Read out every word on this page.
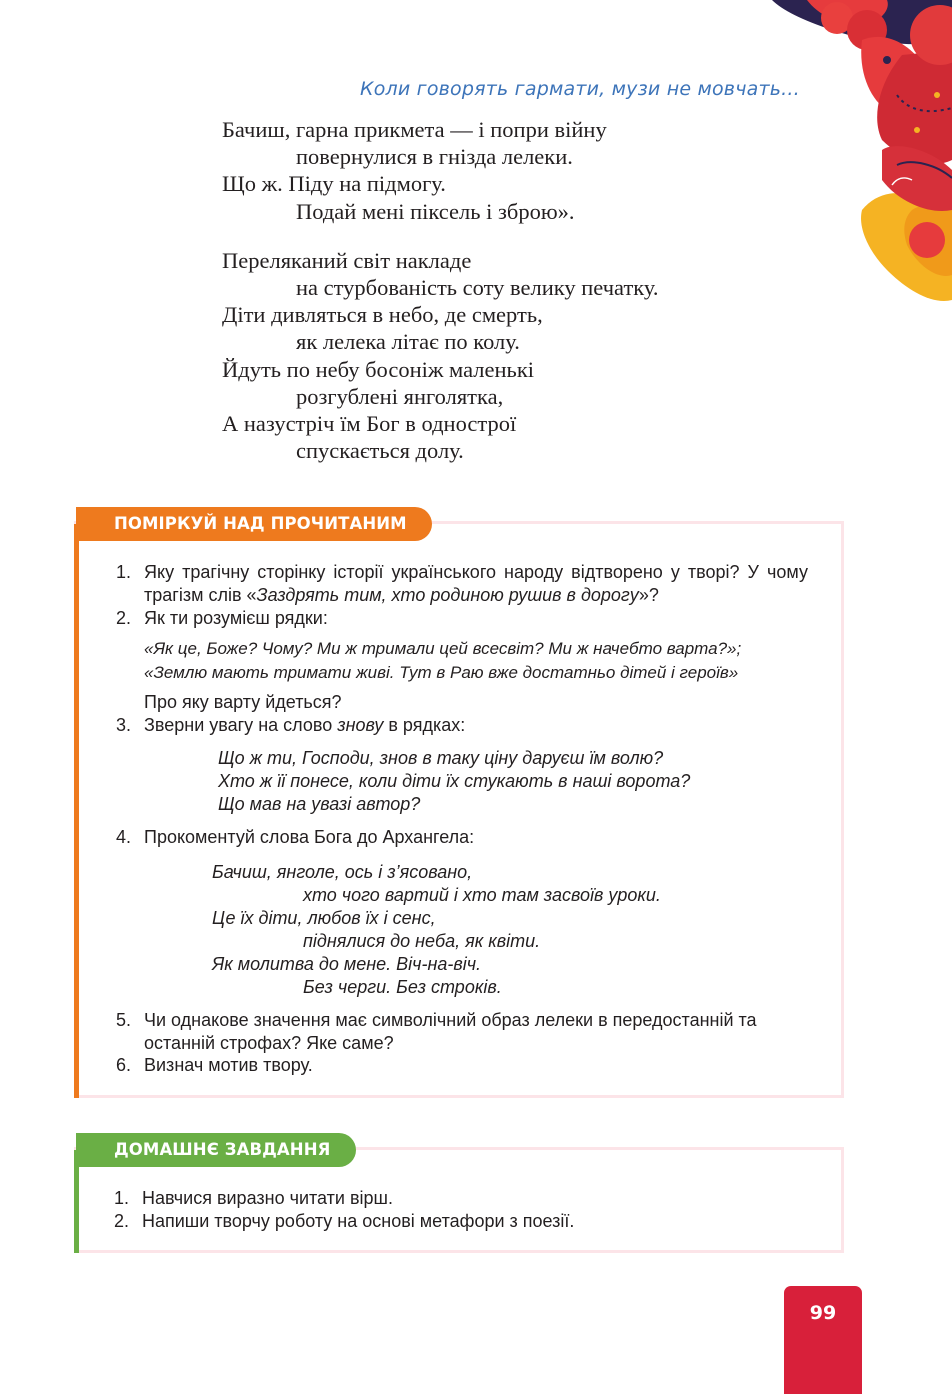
Коли говорять гармати, музи не мовчать...
Бачиш, гарна прикмета — і попри війну
повернулися в гнізда лелеки.
Що ж. Піду на підмогу.
Подай мені піксель і зброю».
Переляканий світ накладе
на стурбованість соту велику печатку.
Діти дивляться в небо, де смерть,
як лелека літає по колу.
Йдуть по небу босоніж маленькі
розгублені янголятка,
А назустріч їм Бог в однострої
спускається долу.
ПОМІРКУЙ НАД ПРОЧИТАНИМ
1. Яку трагічну сторінку історії українського народу відтворено у творі? У чому трагізм слів «Заздрять тим, хто родиною рушив в дорогу»?
2. Як ти розумієш рядки:
«Як це, Боже? Чому? Ми ж тримали цей всесвіт? Ми ж начебто варта?»;
«Землю мають тримати живі. Тут в Раю вже достатньо дітей і героїв»
Про яку варту йдеться?
3. Зверни увагу на слово знову в рядках:
Що ж ти, Господи, знов в таку ціну даруєш їм волю?
Хто ж її понесе, коли діти їх стукають в наші ворота?
Що мав на увазі автор?
4. Прокоментуй слова Бога до Архангела:
Бачиш, янголе, ось і з’ясовано,
хто чого вартий і хто там засвоїв уроки.
Це їх діти, любов їх і сенс,
піднялися до неба, як квіти.
Як молитва до мене. Віч-на-віч.
Без черги. Без строків.
5. Чи однакове значення має символічний образ лелеки в передостанній та останній строфах? Яке саме?
6. Визнач мотив твору.
ДОМАШНЄ ЗАВДАННЯ
1. Навчися виразно читати вірш.
2. Напиши творчу роботу на основі метафори з поезії.
99
